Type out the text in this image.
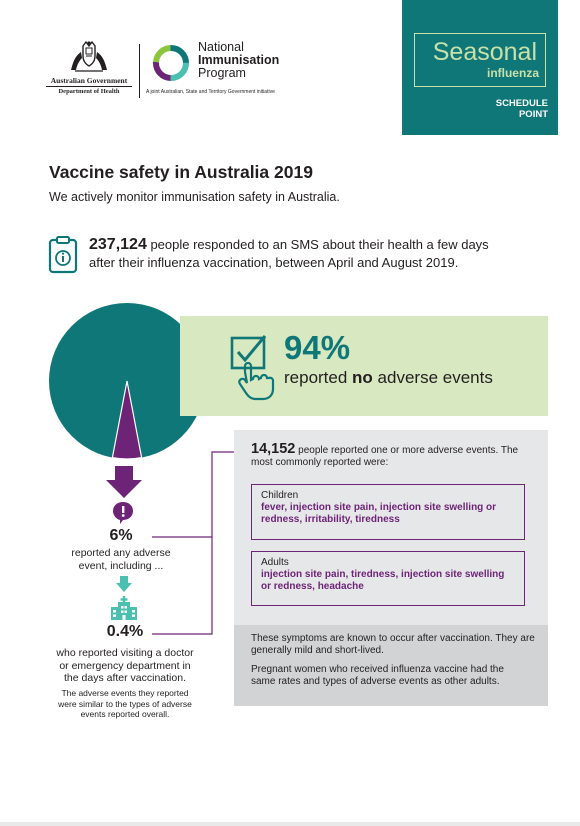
Australian Government
Department of Health
National
Immunisation
Program
A joint Australian, State and Territory Government initiative
Seasonal
influenza
SCHEDULE
POINT
Vaccine safety in Australia 2019
We actively monitor immunisation safety in Australia.
237,124 people responded to an SMS about their health a few days after their influenza vaccination, between April and August 2019.
94%
reported no adverse events
6%
reported any adverse event, including ...
0.4%
who reported visiting a doctor or emergency department in the days after vaccination.
The adverse events they reported were similar to the types of adverse events reported overall.
14,152 people reported one or more adverse events. The most commonly reported were:
Children
fever, injection site pain, injection site swelling or redness, irritability, tiredness
Adults
injection site pain, tiredness, injection site swelling or redness, headache
These symptoms are known to occur after vaccination. They are generally mild and short-lived.
Pregnant women who received influenza vaccine had the same rates and types of adverse events as other adults.
